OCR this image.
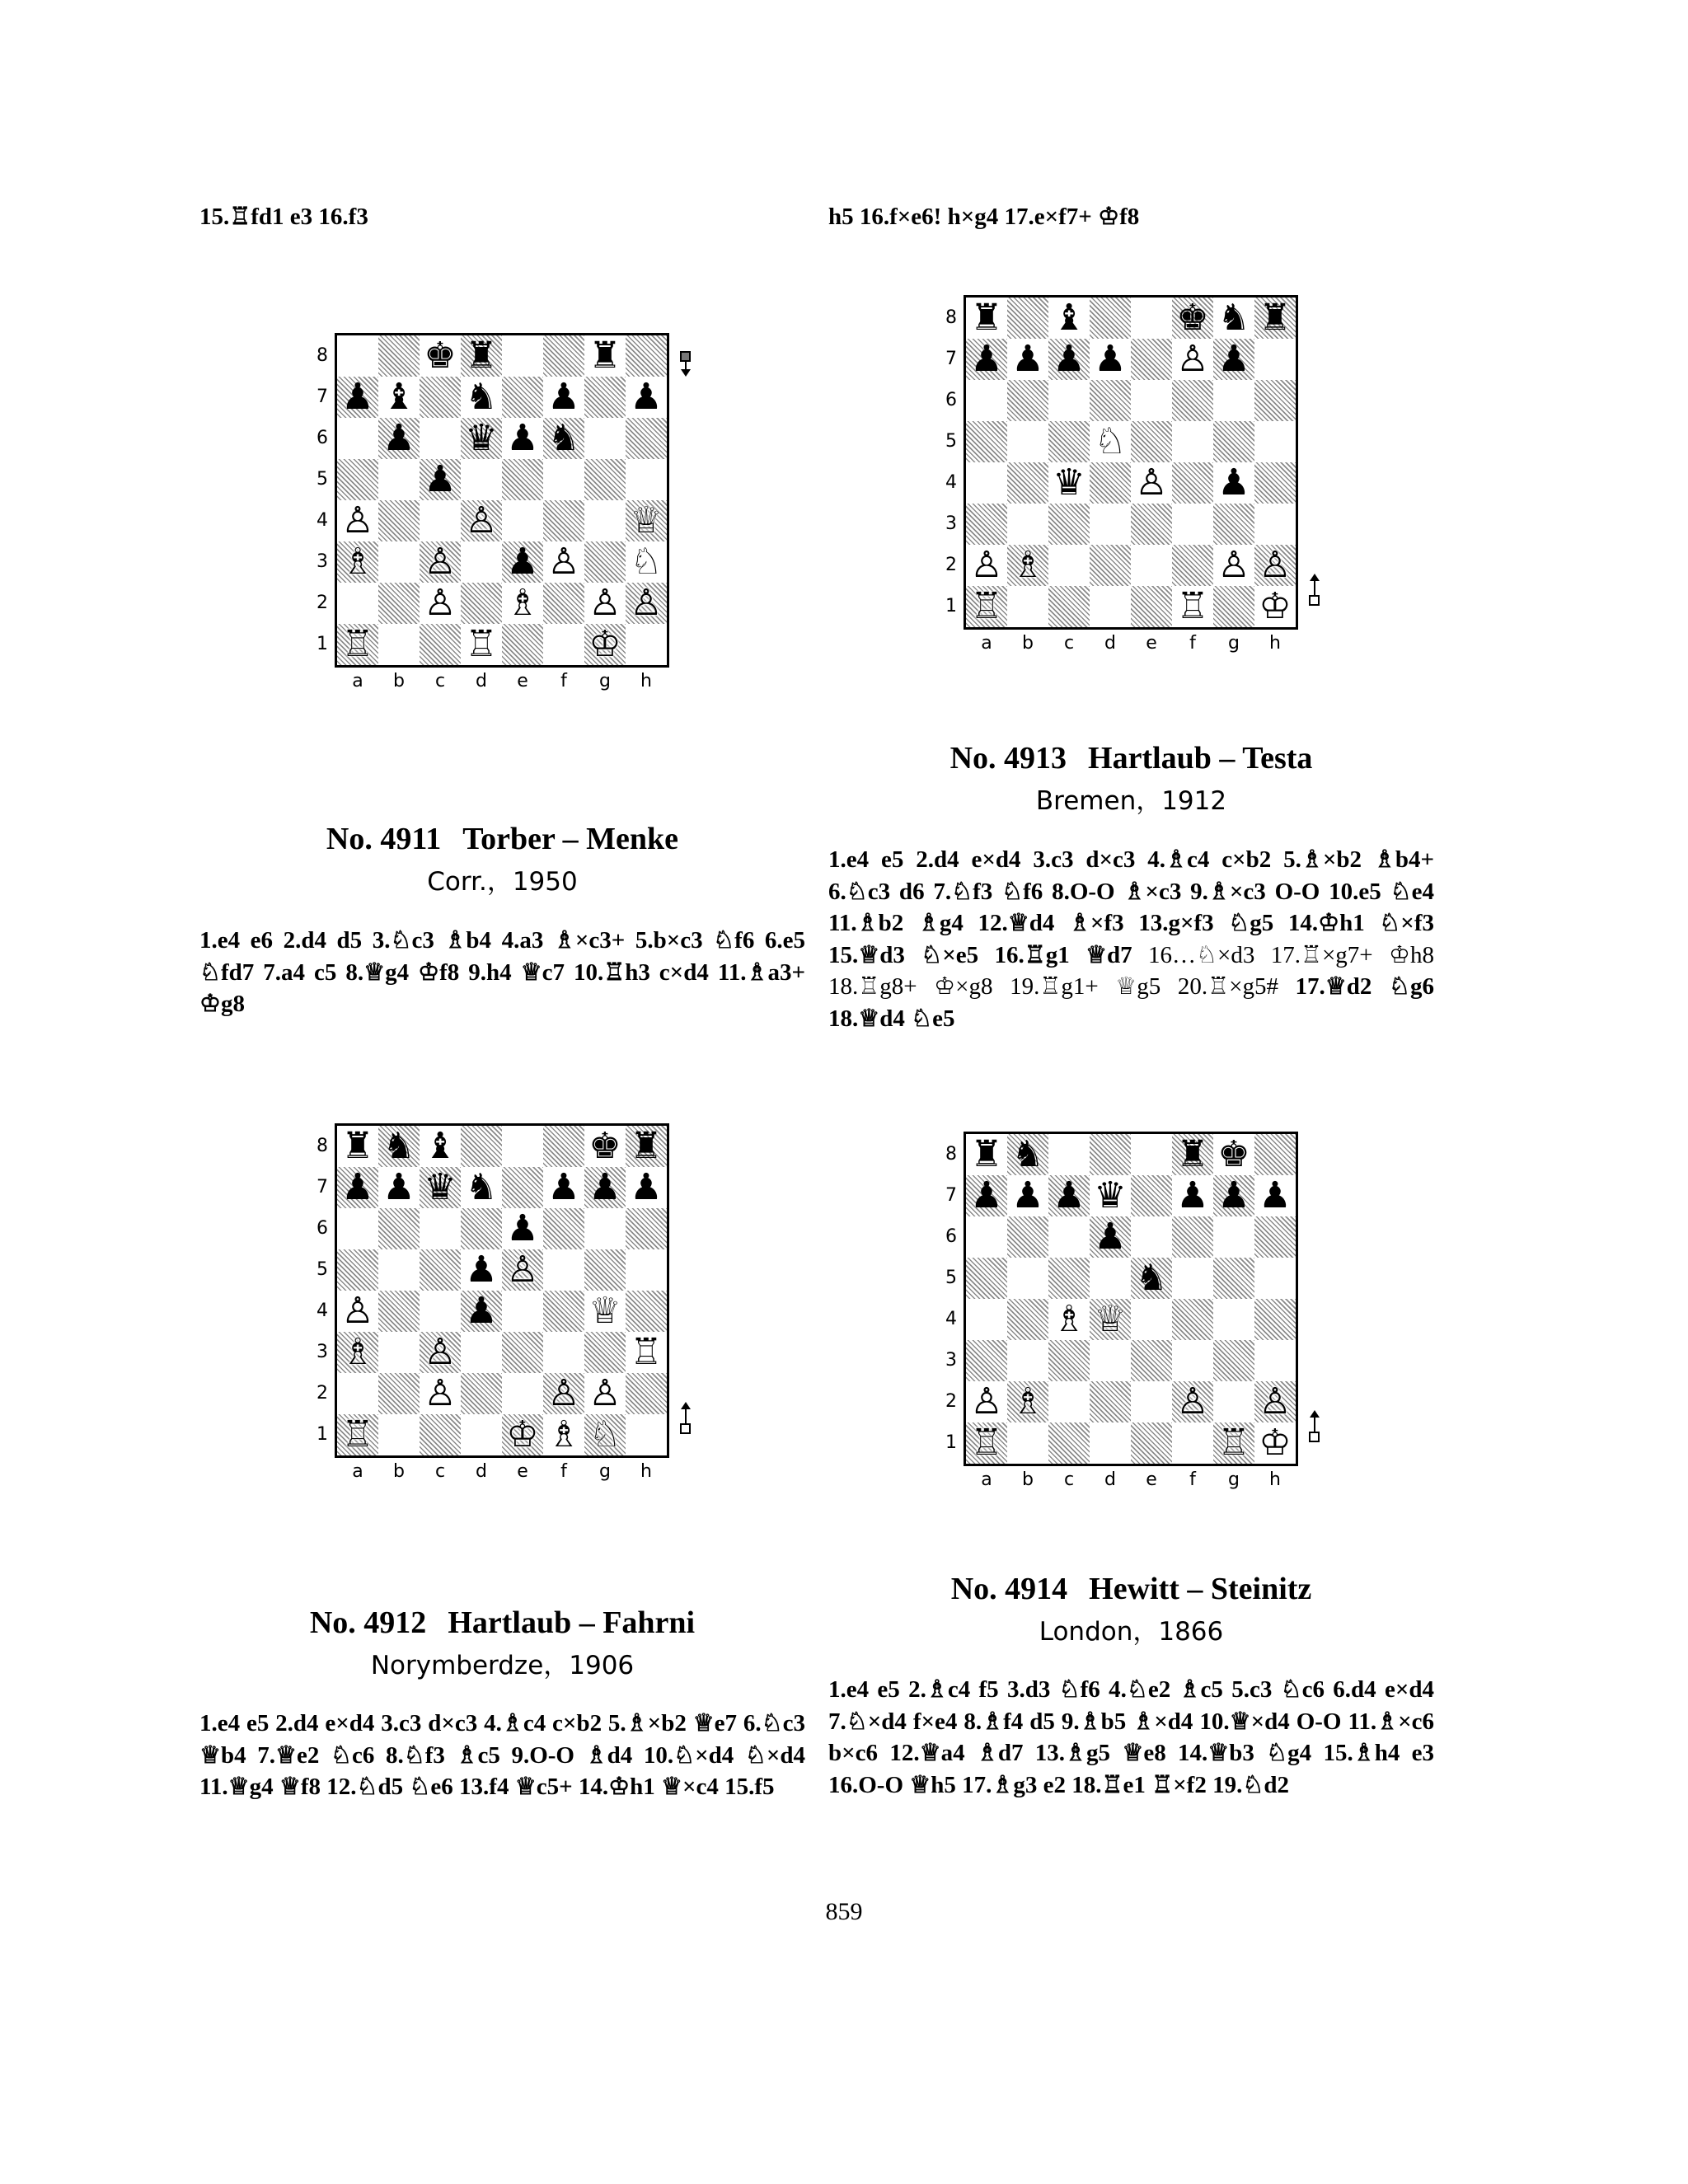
15.♖fd1 e3 16.f3
♚ ♜	♜
♟ ♝ ♞ ♟ ♟
♟ ♛ ♟ ♞
♟
♙	♙	♕
♗ ♙ ♟ ♙ ♘
♙ ♗ ♙ ♙
♖	♖	♔
8
7
6
5
4
3
2
1
a	b	c	d	e	f	g	h
No. 4911 Torber – Menke
Corr.，1950
1.e4 e6 2.d4 d5 3.♘c3 ♗b4 4.a3 ♗×c3+ 5.b×c3 ♘f6 6.e5 ♘fd7 7.a4 c5 8.♕g4 ♔f8 9.h4 ♕c7 10.♖h3 c×d4 11.♗a3+ ♔g8
♜ ♞ ♝	♚ ♜
♟ ♟ ♛ ♞ ♟ ♟ ♟
♟
♟ ♙
♙	♟	♕
♗ ♙	♖
♙	♙ ♙
♖	♔ ♗ ♘
8
7
6
5
4
3
2
1
a	b	c	d	e	f	g	h
No. 4912 Hartlaub – Fahrni
Norymberdze，1906
1.e4 e5 2.d4 e×d4 3.c3 d×c3 4.♗c4 c×b2 5.♗×b2 ♕e7 6.♘c3 ♕b4 7.♕e2 ♘c6 8.♘f3 ♗c5 9.O-O ♗d4 10.♘×d4 ♘×d4 11.♕g4 ♕f8 12.♘d5 ♘e6 13.f4 ♕c5+ 14.♔h1 ♕×c4 15.f5
h5 16.f×e6! h×g4 17.e×f7+ ♔f8
♜ ♝	♚ ♞ ♜
♟ ♟ ♟ ♟ ♙ ♟
♘
♛ ♙ ♟
♙ ♗	♙ ♙
♖	♖ ♔
8
7
6
5
4
3
2
1
a	b	c	d	e	f	g	h
No. 4913 Hartlaub – Testa
Bremen，1912
1.e4 e5 2.d4 e×d4 3.c3 d×c3 4.♗c4 c×b2 5.♗×b2 ♗b4+ 6.♘c3 d6 7.♘f3 ♘f6 8.O-O ♗×c3 9.♗×c3 O-O 10.e5 ♘e4 11.♗b2 ♗g4 12.♕d4 ♗×f3 13.g×f3 ♘g5 14.♔h1 ♘×f3 15.♕d3 ♘×e5 16.♖g1 ♕d7 16…♘×d3 17.♖×g7+ ♔h8 18.♖g8+ ♔×g8 19.♖g1+ ♕g5 20.♖×g5# 17.♕d2 ♘g6 18.♕d4 ♘e5
♜ ♞	♜ ♚
♟ ♟ ♟ ♛ ♟ ♟ ♟
♟
♞
♗ ♕
♙ ♗	♙ ♙
♖	♖ ♔
8
7
6
5
4
3
2
1
a	b	c	d	e	f	g	h
No. 4914 Hewitt – Steinitz
London，1866
1.e4 e5 2.♗c4 f5 3.d3 ♘f6 4.♘e2 ♗c5 5.c3 ♘c6 6.d4 e×d4 7.♘×d4 f×e4 8.♗f4 d5 9.♗b5 ♗×d4 10.♕×d4 O-O 11.♗×c6 b×c6 12.♕a4 ♗d7 13.♗g5 ♕e8 14.♕b3 ♘g4 15.♗h4 e3 16.O-O ♕h5 17.♗g3 e2 18.♖e1 ♖×f2 19.♘d2
859
